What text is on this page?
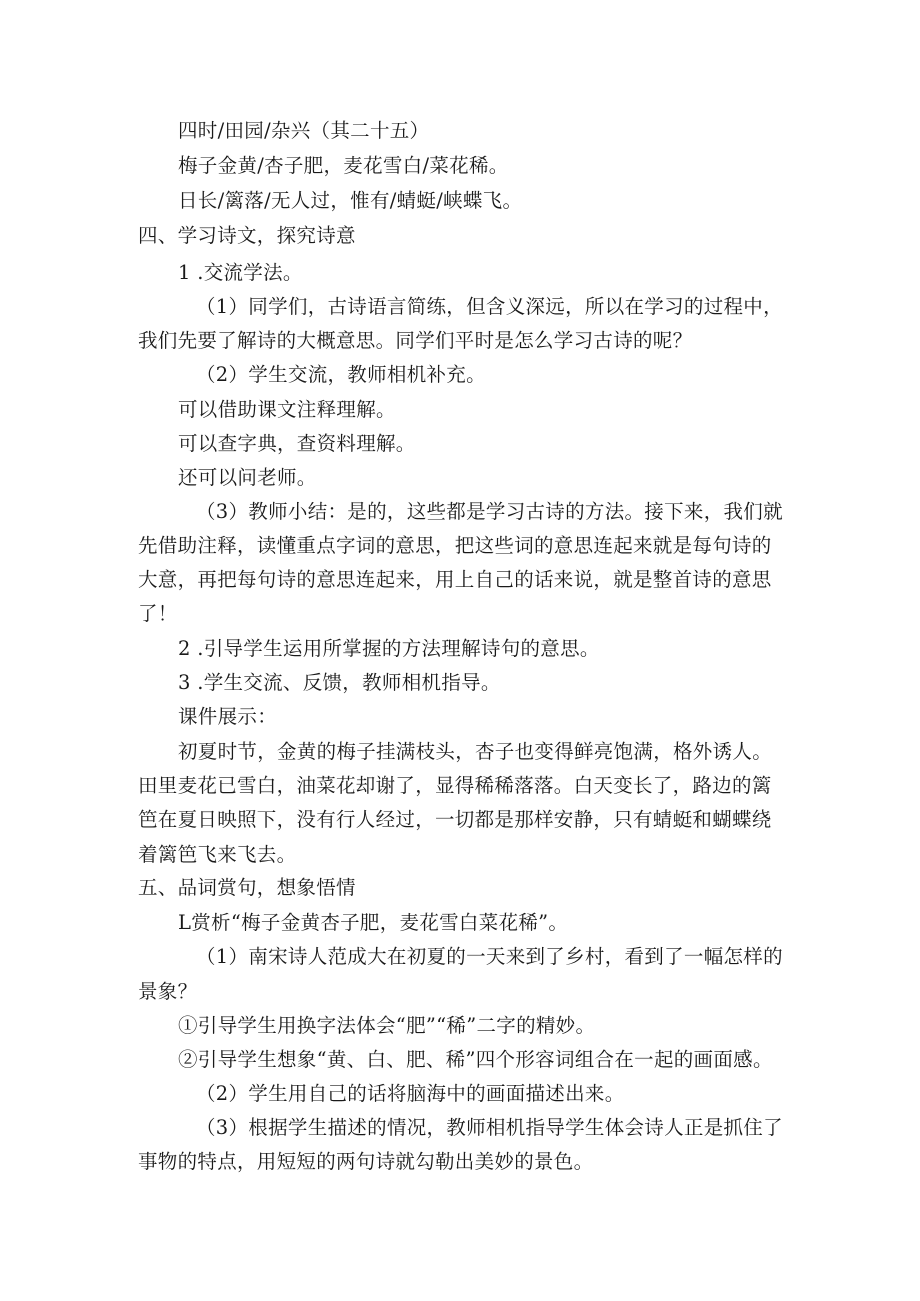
四时/田园/杂兴（其二十五）
梅子金黄/杏子肥，麦花雪白/菜花稀。
日长/篱落/无人过，惟有/蜻蜓/峡蝶飞。
四、学习诗文，探究诗意
1 .交流学法。
（1）同学们，古诗语言简练，但含义深远，所以在学习的过程中，
我们先要了解诗的大概意思。同学们平时是怎么学习古诗的呢？
（2）学生交流，教师相机补充。
可以借助课文注释理解。
可以查字典，查资料理解。
还可以问老师。
（3）教师小结：是的，这些都是学习古诗的方法。接下来，我们就
先借助注释，读懂重点字词的意思，把这些词的意思连起来就是每句诗的
大意，再把每句诗的意思连起来，用上自己的话来说，就是整首诗的意思
了！
2 .引导学生运用所掌握的方法理解诗句的意思。
3 .学生交流、反馈，教师相机指导。
课件展示：
初夏时节，金黄的梅子挂满枝头，杏子也变得鲜亮饱满，格外诱人。
田里麦花已雪白，油菜花却谢了，显得稀稀落落。白天变长了，路边的篱
笆在夏日映照下，没有行人经过，一切都是那样安静，只有蜻蜓和蝴蝶绕
着篱笆飞来飞去。
五、品词赏句，想象悟情
L赏析“梅子金黄杏子肥，麦花雪白菜花稀”。
（1）南宋诗人范成大在初夏的一天来到了乡村，看到了一幅怎样的
景象？
①引导学生用换字法体会“肥”“稀”二字的精妙。
②引导学生想象“黄、白、肥、稀”四个形容词组合在一起的画面感。
（2）学生用自己的话将脑海中的画面描述出来。
（3）根据学生描述的情况，教师相机指导学生体会诗人正是抓住了
事物的特点，用短短的两句诗就勾勒出美妙的景色。
